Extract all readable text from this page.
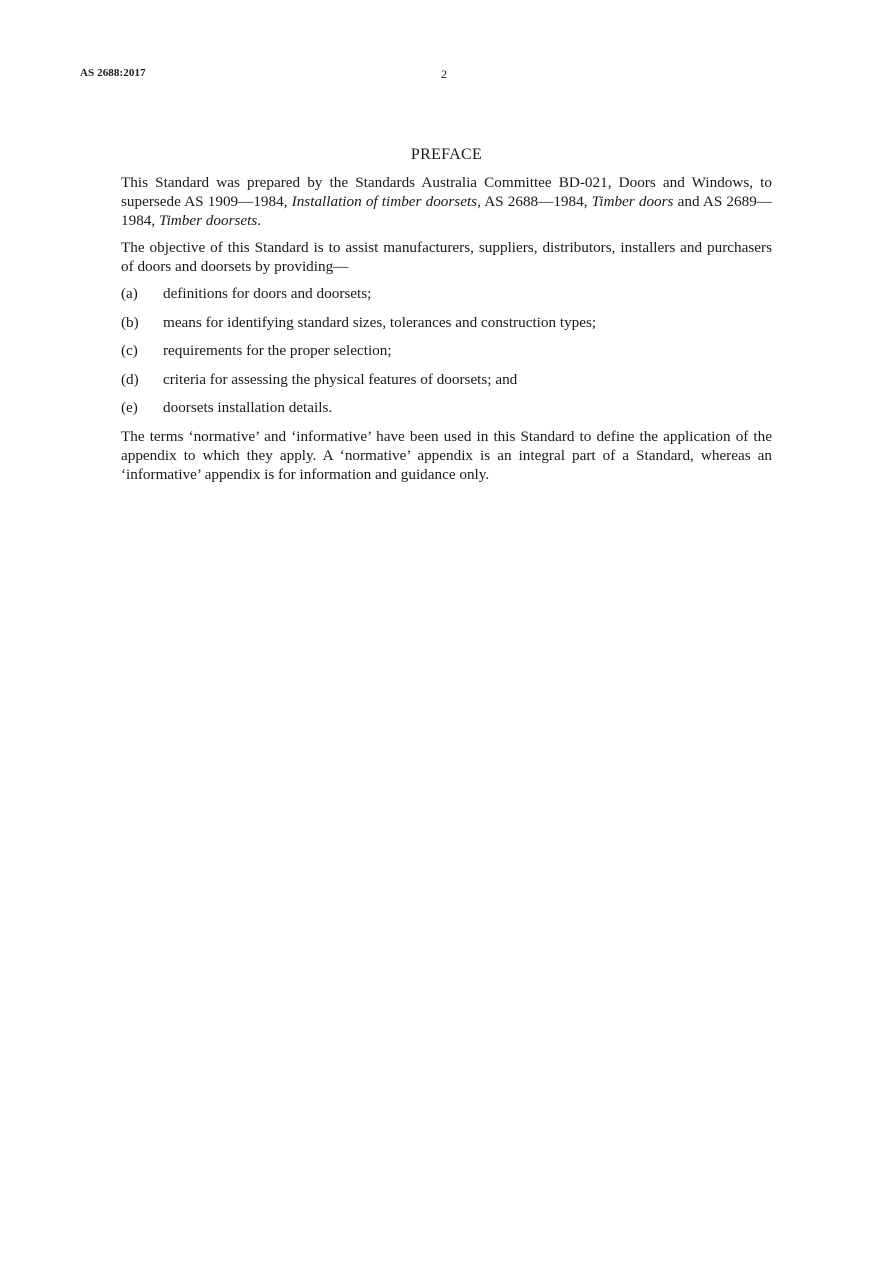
AS 2688:2017	2
PREFACE

This Standard was prepared by the Standards Australia Committee BD-021, Doors and Windows, to supersede AS 1909—1984, Installation of timber doorsets, AS 2688—1984, Timber doors and AS 2689—1984, Timber doorsets.

The objective of this Standard is to assist manufacturers, suppliers, distributors, installers and purchasers of doors and doorsets by providing—

(a)	definitions for doors and doorsets;
(b)	means for identifying standard sizes, tolerances and construction types;
(c)	requirements for the proper selection;
(d)	criteria for assessing the physical features of doorsets; and
(e)	doorsets installation details.

The terms ‘normative’ and ‘informative’ have been used in this Standard to define the application of the appendix to which they apply. A ‘normative’ appendix is an integral part of a Standard, whereas an ‘informative’ appendix is for information and guidance only.
